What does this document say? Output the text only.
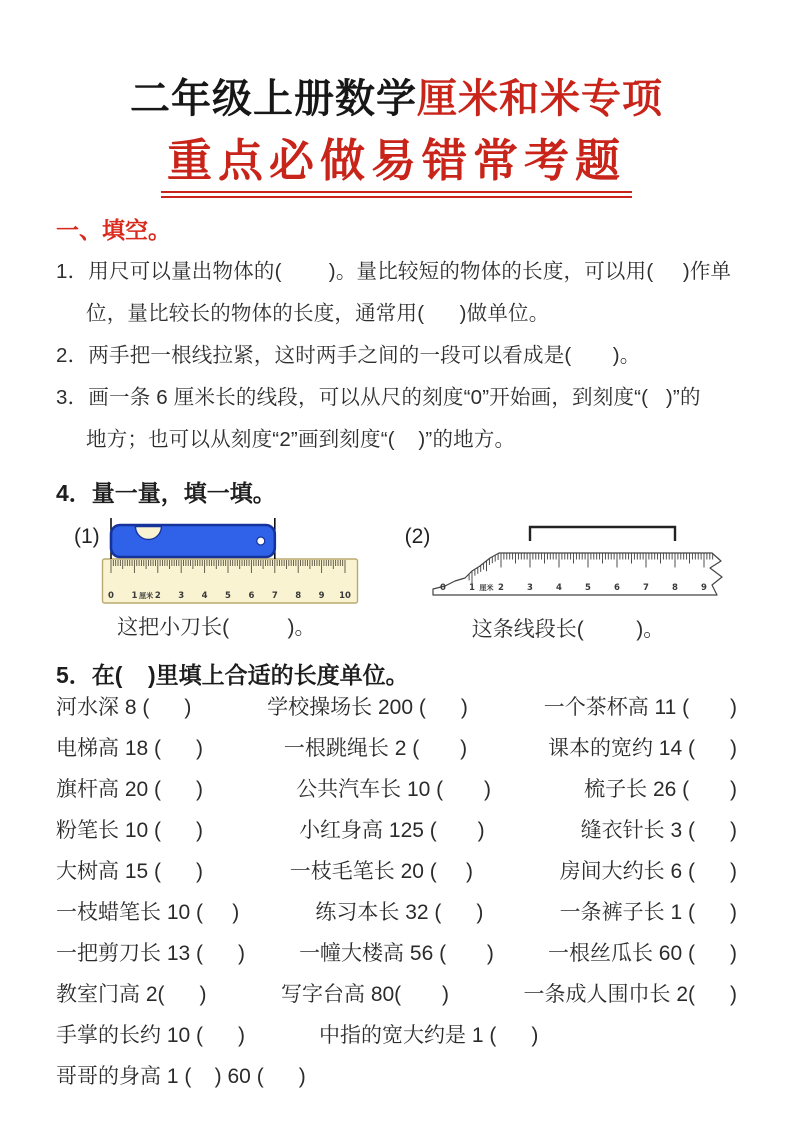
二年级上册数学厘米和米专项
重点必做易错常考题
一、填空。
1．用尺可以量出物体的(        )。量比较短的物体的长度，可以用(     )作单
位，量比较长的物体的长度，通常用(      )做单位。
2．两手把一根线拉紧，这时两手之间的一段可以看成是(       )。
3．画一条 6 厘米长的线段，可以从尺的刻度“0”开始画，到刻度“(   )”的
地方；也可以从刻度“2”画到刻度“(    )”的地方。
4．量一量，填一填。
(1)
0 1 2 3 4 5 6 7 8 9 10
厘米
这把小刀长(          )。
(2)
0	1	2	3	4	5	6	7	8	9
厘米
这条线段长(         )。
5．在(    )里填上合适的长度单位。
河水深 8 (      )	学校操场长 200 (      )	一个茶杯高 11 (       )
电梯高 18 (      )	一根跳绳长 2 (       )	课本的宽约 14 (      )
旗杆高 20 (      )	公共汽车长 10 (       )	梳子长 26 (       )
粉笔长 10 (      )	小红身高 125 (       )	缝衣针长 3 (      )
大树高 15 (      )	一枝毛笔长 20 (     )	房间大约长 6 (      )
一枝蜡笔长 10 (     )	练习本长 32 (      )	一条裤子长 1 (      )
一把剪刀长 13 (      )	一幢大楼高 56 (       )	一根丝瓜长 60 (      )
教室门高 2(      )	写字台高 80(       )	一条成人围巾长 2(      )
手掌的长约 10 (      )	中指的宽大约是 1 (      )
哥哥的身高 1 (    ) 60 (      )
